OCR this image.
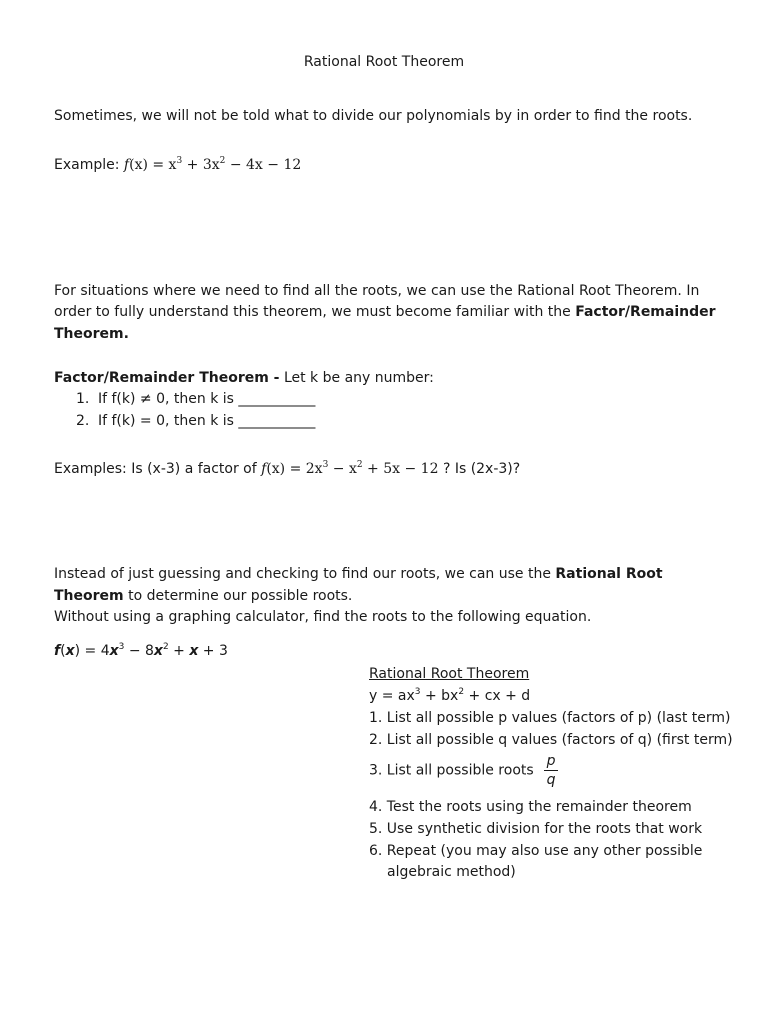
Rational Root Theorem
Sometimes, we will not be told what to divide our polynomials by in order to find the roots.
Example: $f(x) = x^3 + 3x^2 - 4x - 12$
For situations where we need to find all the roots, we can use the Rational Root Theorem. In
order to fully understand this theorem, we must become familiar with the Factor/Remainder
Theorem.
Factor/Remainder Theorem - Let k be any number:
1. If f(k) ≠ 0, then k is ___________
2. If f(k) = 0, then k is ___________
Examples: Is (x-3) a factor of $f(x) = 2x^3 - x^2 + 5x - 12$ ? Is (2x-3)?
Instead of just guessing and checking to find our roots, we can use the Rational Root
Theorem to determine our possible roots.
Without using a graphing calculator, find the roots to the following equation.
$f(x) = 4x^3 - 8x^2 + x + 3$
Rational Root Theorem
$y = ax^3 + bx^2$ + cx + d
1. List all possible p values (factors of p) (last term)
2. List all possible q values (factors of q) (first term)
3. List all possible roots $\frac{p}{q}$
4. Test the roots using the remainder theorem
5. Use synthetic division for the roots that work
6. Repeat (you may also use any other possible
algebraic method)
